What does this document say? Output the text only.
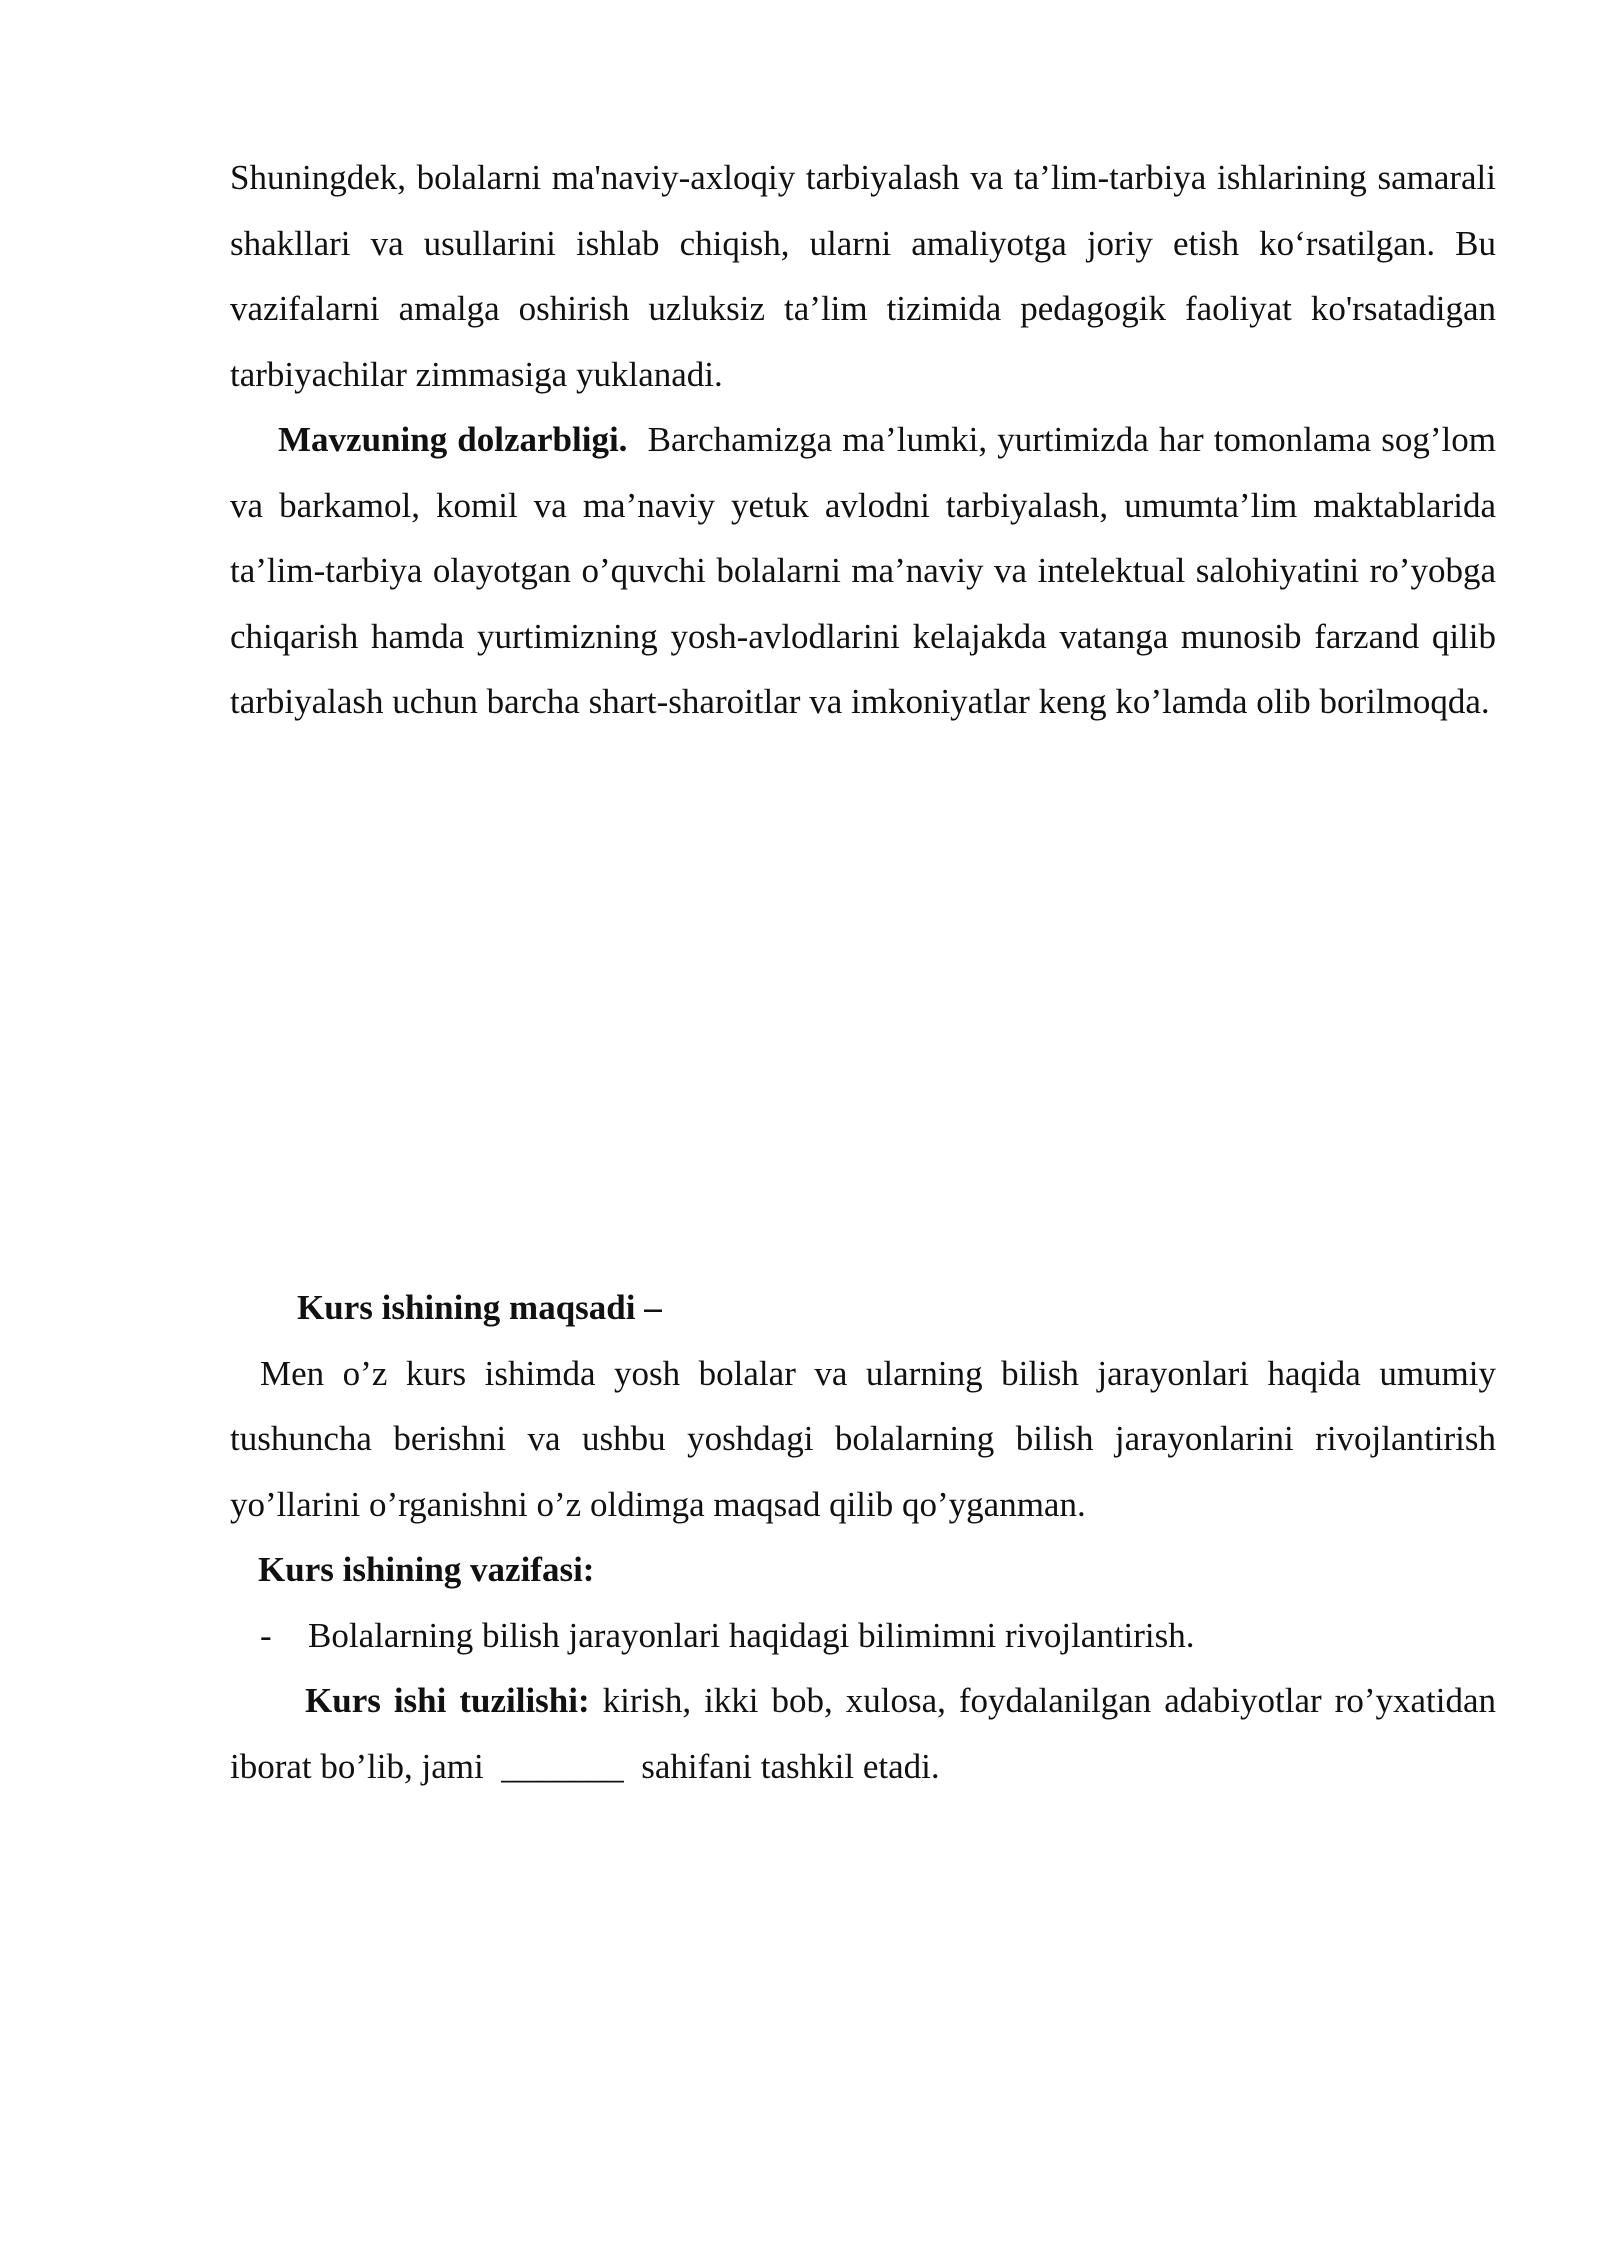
Shuningdek, bolalarni ma'naviy-axloqiy tarbiyalash va ta’lim-tarbiya ishlarining samarali shakllari va usullarini ishlab chiqish, ularni amaliyotga joriy etish ko‘rsatilgan. Bu vazifalarni amalga oshirish uzluksiz ta’lim tizimida pedagogik faoliyat ko'rsatadigan tarbiyachilar zimmasiga yuklanadi.

Mavzuning dolzarbligi. Barchamizga ma’lumki, yurtimizda har tomonlama sog’lom va barkamol, komil va ma’naviy yetuk avlodni tarbiyalash, umumta’lim maktablarida ta’lim-tarbiya olayotgan o’quvchi bolalarni ma’naviy va intelektual salohiyatini ro’yobga chiqarish hamda yurtimizning yosh-avlodlarini kelajakda vatanga munosib farzand qilib tarbiyalash uchun barcha shart-sharoitlar va imkoniyatlar keng ko’lamda olib borilmoqda.

Kurs ishining maqsadi –

Men o’z kurs ishimda yosh bolalar va ularning bilish jarayonlari haqida umumiy tushuncha berishni va ushbu yoshdagi bolalarning bilish jarayonlarini rivojlantirish yo’llarini o’rganishni o’z oldimga maqsad qilib qo’yganman.

Kurs ishining vazifasi:

-	Bolalarning bilish jarayonlari haqidagi bilimimni rivojlantirish.

Kurs ishi tuzilishi: kirish, ikki bob, xulosa, foydalanilgan adabiyotlar ro’yxatidan iborat bo’lib, jami _______ sahifani tashkil etadi.
